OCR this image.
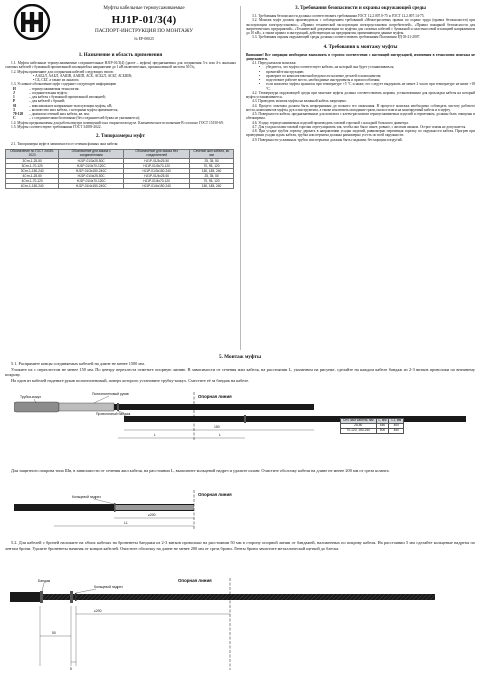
Муфты кабельные термоусаживаемые
HJ1P-01/3(4)
ПАСПОРТ-ИНСТРУКЦИЯ ПО МОНТАЖУ
№ ЕР-00025
1. Назначение и область применения

1.1. Муфты кабельные термоусаживаемые соединительные HJ1P-01/3(4) (далее – муфты) предназначены для соединения 3-х или 4-х жильных силовых кабелей с бумажной пропитанной изоляцией на напряжение до 1 кВ включительно, промышленной частоты 50 Гц.

1.2. Муфты применяют для соединения кабелей следующих типов:

• ААБ2Л, ААБЛ, ААШВ, ААШП, АСБ, АСБ2Л, АСБГ, АСБШВ;

• СБ, СБГ, а также их аналоги.

1.3. Условное обозначение муфт содержит следующую информацию

Н	– термоусаживаемая технология.
J	– соединительная муфта;
1	– для кабеля с бумажной пропитанной изоляцией;
P	– для кабелей с броней;
01	– максимальное напряжение эксплуатации муфты, кВ;
3	– количество жил кабеля, с которыми муфта применяется;
70-120	– диапазон сечений жил кабеля, кв. мм;
С	– с соединителями болтовыми (без соединителей буква не указывается);

1.4. Муфты предназначены для работы внутри помещений и на открытом воздухе. Климатическое исполнение В согласно ГОСТ 15150-69.

1.5. Муфты соответствуют требованиям ГОСТ 34039-2022.

2. Типоразмеры муфт

2.1. Типоразмеры муфт в зависимости от сечения фазных жил кабеля:

Обозначение по ГОСТ 34039-2023	Обозначение для заказа с соединителями	Обозначение для заказа без соединителей	Сечение жил кабеля, кв. мм
3Стп-1-25-50	HJ1P-01/3х25-50С	HJ1P-01/3х25-50	25, 35, 50
3Стп-1-70-120	HJ1P-01/3х70-120С	HJ1P-01/3х70-120	70, 95, 120
3Стп-1-150-240	HJ1P-01/3х150-240С	HJ1P-01/3х150-240	150, 185, 240
4Стп-1-25-50	HJ1P-01/4х25-50С	HJ1P-01/4х25-50	25, 35, 50
4Стп-1-70-120	HJ1P-01/4х70-120С	HJ1P-01/4х70-120	70, 95, 120
4Стп-1-150-240	HJ1P-01/4х150-240С	HJ1P-01/4х150-240	150, 185, 240
3. Требования безопасности и охраны окружающей среды

3.1. Требования безопасности должны соответствовать требованиям ГОСТ 12.2.007.0-75 и ГОСТ 12.2.007.14-75.

3.2. Монтаж муфт должен производиться с соблюдением требований «Межотраслевых правил по охране труда (правил безопасности) при эксплуатации электроустановок», «Правил технической эксплуатации электроустановок потребителей», «Правил пожарной безопасности для энергетических предприятий», «Технической документации по муфтам для силовых кабелей с бумажной и пластмассовой изоляцией напряжением до 10 кВ», а также правил и инструкций, действующих на предприятии, применяющем данные муфты.

3.3. Требования охраны окружающей среды должны соответствовать требованиям Положения РД 03-21-2007.

4. Требования к монтажу муфты

Внимание! Все операции необходимо выполнять в строгом соответствии с настоящей инструкцией, изменения в технологии монтажа не допускаются.

4.1. Перед началом монтажа:

• убедитесь, что муфта соответствует кабелю, на который она будет устанавливаться;

• прочитайте инструкцию;

• проверьте по комплектовочной ведомости наличие деталей и компонентов;

• подготовьте рабочее место, необходимые инструменты и приспособления;

• если комплект муфты хранился при температуре +5 °С и ниже, его следует выдержать не менее 2 часов при температуре не ниже +18 °С.

4.2. Температура окружающей среды при монтаже муфты должна соответствовать нормам, установленным для прокладки кабеля на который муфта устанавливается.

4.3. Проводить монтаж муфты на влажный кабель запрещено.

4.4. Процесс монтажа должен быть непрерывным до полного его окончания. В процессе монтажа необходимо соблюдать чистоту рабочего места, компонентов муфты, рук и инструмента, а также исключить попадание грязи, пыли и влаги на монтируемый кабель и в муфту.

4.5. Поверхности кабеля, предназначенные для контакта с клеем-расплавом термоусаживаемых изделий и герметиком, должны быть очищены и обезжирены.

4.6. Усадку термоусаживаемых изделий производить газовой горелкой с насадкой большого диаметра.

4.7. Для усадки пламя газовой горелки отрегулировать так, чтобы оно было синее, ровное, с желтым языком. Острое пламя не допускается.

4.8. При усадке трубок горелку держать в направлении усадки изделий, равномерно перемещая горелку по окружности кабеля. Прогрев при проведении усадки вдоль кабеля, трубка или перчатка должны равномерно усесть по всей окружности.

4.9. Поверхности усаженных трубок или перчатки должны быть гладкими, без морщин и вздутий.

5. Монтаж муфты

5.1. Распрямите концы соединяемых кабелей на длине не менее 1500 мм.

Уложите их с перехлестом не менее 150 мм. По центру перехлеста отметьте опорную линию. В зависимости от сечения жил кабеля, на расстоянии L, указанном на рисунке, сделайте на каждом кабеле бандаж из 2-3 витков проволоки по внешнему покрову.

На один из кабелей наденьте рукав полиэтиленовый, поверх которого установите трубку-кожух. Сместите её за бандаж на кабеле.

Опорная линия
Трубка-кожух
Полиэтиленовый рукав
Проволочный бандаж
150
L	L
Сеч. жил кабеля, мм	L, мм	L1, мм
25-50	450	400
70-120, 150-240	500	450

Для защитного покрова типа Шв, в зависимости от сечения жил кабеля, на расстоянии L, выполните кольцевой надрез и удалите шланг. Очистите оболочку кабеля на длине не менее 200 мм от среза шланга.

Опорная линия
Кольцевой надрез
≥200
L1

5.2. Для кабелей с броней наложите на обоих кабелях на броненеты бандажи из 2-3 витков проволоки на расстоянии 50 мм в сторону опорной линии от бандажей, наложенных по покрову кабеля. На расстоянии 5 мм сделайте кольцевые надрезы по лентам брони. Удалите броненеты начиная от концов кабелей. Очистите оболочку на длине не менее 200 мм от среза брони. Ленты брони зачистите металлической щеткой до блеска.

Опорная линия
Бандаж
Кольцевой надрез
≥200
50
5
